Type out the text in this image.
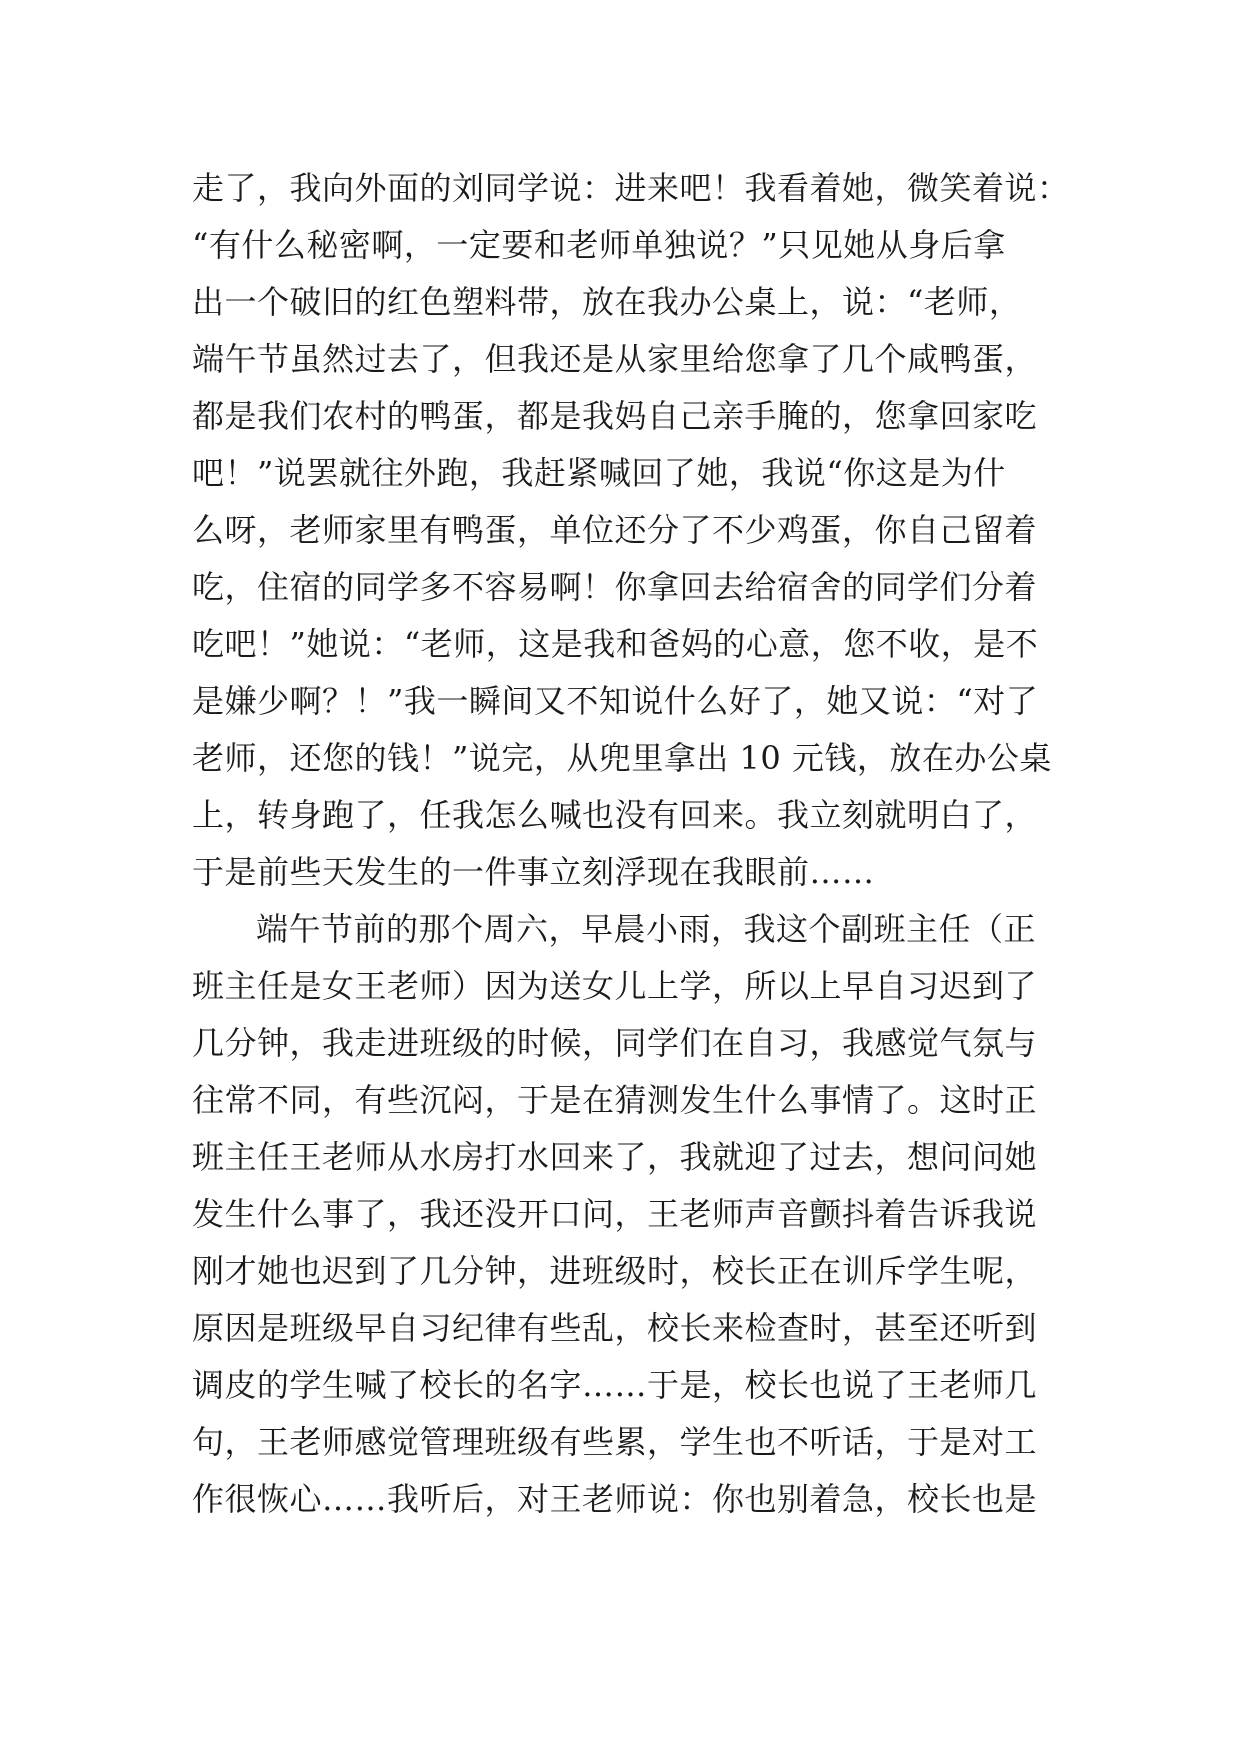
走了，我向外面的刘同学说：进来吧！我看着她，微笑着说：
“有什么秘密啊，一定要和老师单独说？”只见她从身后拿
出一个破旧的红色塑料带，放在我办公桌上，说：“老师，
端午节虽然过去了，但我还是从家里给您拿了几个咸鸭蛋，
都是我们农村的鸭蛋，都是我妈自己亲手腌的，您拿回家吃
吧！”说罢就往外跑，我赶紧喊回了她，我说“你这是为什
么呀，老师家里有鸭蛋，单位还分了不少鸡蛋，你自己留着
吃，住宿的同学多不容易啊！你拿回去给宿舍的同学们分着
吃吧！”她说：“老师，这是我和爸妈的心意，您不收，是不
是嫌少啊？！”我一瞬间又不知说什么好了，她又说：“对了
老师，还您的钱！”说完，从兜里拿出 10 元钱，放在办公桌
上，转身跑了，任我怎么喊也没有回来。我立刻就明白了，
于是前些天发生的一件事立刻浮现在我眼前……
端午节前的那个周六，早晨小雨，我这个副班主任（正
班主任是女王老师）因为送女儿上学，所以上早自习迟到了
几分钟，我走进班级的时候，同学们在自习，我感觉气氛与
往常不同，有些沉闷，于是在猜测发生什么事情了。这时正
班主任王老师从水房打水回来了，我就迎了过去，想问问她
发生什么事了，我还没开口问，王老师声音颤抖着告诉我说
刚才她也迟到了几分钟，进班级时，校长正在训斥学生呢，
原因是班级早自习纪律有些乱，校长来检查时，甚至还听到
调皮的学生喊了校长的名字……于是，校长也说了王老师几
句，王老师感觉管理班级有些累，学生也不听话，于是对工
作很恢心……我听后，对王老师说：你也别着急，校长也是
